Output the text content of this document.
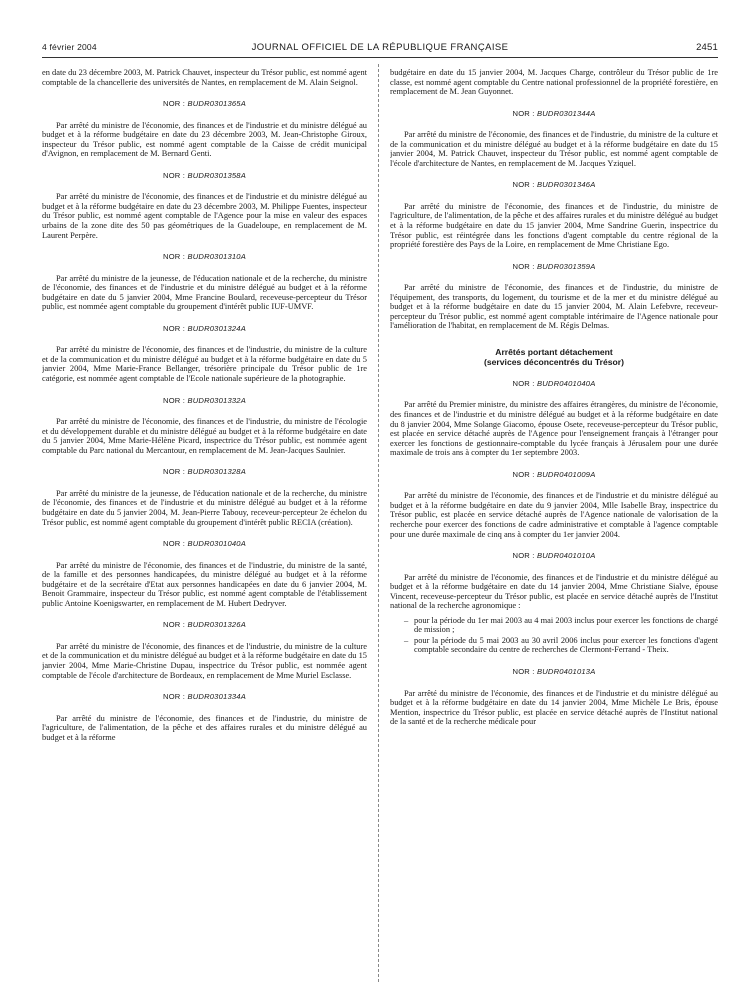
4 février 2004	JOURNAL OFFICIEL DE LA RÉPUBLIQUE FRANÇAISE	2451

en date du 23 décembre 2003, M. Patrick Chauvet, inspecteur du Trésor public, est nommé agent comptable de la chancellerie des universités de Nantes, en remplacement de M. Alain Seignol.

NOR : BUDR0301365A

Par arrêté du ministre de l'économie, des finances et de l'industrie et du ministre délégué au budget et à la réforme budgétaire en date du 23 décembre 2003, M. Jean-Christophe Giroux, inspecteur du Trésor public, est nommé agent comptable de la Caisse de crédit municipal d'Avignon, en remplacement de M. Bernard Genti.

NOR : BUDR0301358A

Par arrêté du ministre de l'économie, des finances et de l'industrie et du ministre délégué au budget et à la réforme budgétaire en date du 23 décembre 2003, M. Philippe Fuentes, inspecteur du Trésor public, est nommé agent comptable de l'Agence pour la mise en valeur des espaces urbains de la zone dite des 50 pas géométriques de la Guadeloupe, en remplacement de M. Laurent Perpère.

NOR : BUDR0301310A

Par arrêté du ministre de la jeunesse, de l'éducation nationale et de la recherche, du ministre de l'économie, des finances et de l'industrie et du ministre délégué au budget et à la réforme budgétaire en date du 5 janvier 2004, Mme Francine Boulard, receveuse-percepteur du Trésor public, est nommée agent comptable du groupement d'intérêt public IUF-UMVF.

NOR : BUDR0301324A

Par arrêté du ministre de l'économie, des finances et de l'industrie, du ministre de la culture et de la communication et du ministre délégué au budget et à la réforme budgétaire en date du 5 janvier 2004, Mme Marie-France Bellanger, trésorière principale du Trésor public de 1re catégorie, est nommée agent comptable de l'Ecole nationale supérieure de la photographie.

NOR : BUDR0301332A

Par arrêté du ministre de l'économie, des finances et de l'industrie, du ministre de l'écologie et du développement durable et du ministre délégué au budget et à la réforme budgétaire en date du 5 janvier 2004, Mme Marie-Hélène Picard, inspectrice du Trésor public, est nommée agent comptable du Parc national du Mercantour, en remplacement de M. Jean-Jacques Saulnier.

NOR : BUDR0301328A

Par arrêté du ministre de la jeunesse, de l'éducation nationale et de la recherche, du ministre de l'économie, des finances et de l'industrie et du ministre délégué au budget et à la réforme budgétaire en date du 5 janvier 2004, M. Jean-Pierre Tabouy, receveur-percepteur 2e échelon du Trésor public, est nommé agent comptable du groupement d'intérêt public RECIA (création).

NOR : BUDR0301040A

Par arrêté du ministre de l'économie, des finances et de l'industrie, du ministre de la santé, de la famille et des personnes handicapées, du ministre délégué au budget et à la réforme budgétaire et de la secrétaire d'Etat aux personnes handicapées en date du 6 janvier 2004, M. Benoit Grammaire, inspecteur du Trésor public, est nommé agent comptable de l'établissement public Antoine Koenigswarter, en remplacement de M. Hubert Dedryver.

NOR : BUDR0301326A

Par arrêté du ministre de l'économie, des finances et de l'industrie, du ministre de la culture et de la communication et du ministre délégué au budget et à la réforme budgétaire en date du 15 janvier 2004, Mme Marie-Christine Dupau, inspectrice du Trésor public, est nommée agent comptable de l'école d'architecture de Bordeaux, en remplacement de Mme Muriel Esclasse.

NOR : BUDR0301334A

Par arrêté du ministre de l'économie, des finances et de l'industrie, du ministre de l'agriculture, de l'alimentation, de la pêche et des affaires rurales et du ministre délégué au budget et à la réforme

budgétaire en date du 15 janvier 2004, M. Jacques Charge, contrôleur du Trésor public de 1re classe, est nommé agent comptable du Centre national professionnel de la propriété forestière, en remplacement de M. Jean Guyonnet.

NOR : BUDR0301344A

Par arrêté du ministre de l'économie, des finances et de l'industrie, du ministre de la culture et de la communication et du ministre délégué au budget et à la réforme budgétaire en date du 15 janvier 2004, M. Patrick Chauvet, inspecteur du Trésor public, est nommé agent comptable de l'école d'architecture de Nantes, en remplacement de M. Jacques Yziquel.

NOR : BUDR0301346A

Par arrêté du ministre de l'économie, des finances et de l'industrie, du ministre de l'agriculture, de l'alimentation, de la pêche et des affaires rurales et du ministre délégué au budget et à la réforme budgétaire en date du 15 janvier 2004, Mme Sandrine Guerin, inspectrice du Trésor public, est réintégrée dans les fonctions d'agent comptable du centre régional de la propriété forestière des Pays de la Loire, en remplacement de Mme Christiane Ego.

NOR : BUDR0301359A

Par arrêté du ministre de l'économie, des finances et de l'industrie, du ministre de l'équipement, des transports, du logement, du tourisme et de la mer et du ministre délégué au budget et à la réforme budgétaire en date du 15 janvier 2004, M. Alain Lefebvre, receveur-percepteur du Trésor public, est nommé agent comptable intérimaire de l'Agence nationale pour l'amélioration de l'habitat, en remplacement de M. Régis Delmas.

Arrêtés portant détachement
(services déconcentrés du Trésor)
NOR : BUDR0401040A

Par arrêté du Premier ministre, du ministre des affaires étrangères, du ministre de l'économie, des finances et de l'industrie et du ministre délégué au budget et à la réforme budgétaire en date du 8 janvier 2004, Mme Solange Giacomo, épouse Osete, receveuse-percepteur du Trésor public, est placée en service détaché auprès de l'Agence pour l'enseignement français à l'étranger pour exercer les fonctions de gestionnaire-comptable du lycée français à Jérusalem pour une durée maximale de trois ans à compter du 1er septembre 2003.

NOR : BUDR0401009A

Par arrêté du ministre de l'économie, des finances et de l'industrie et du ministre délégué au budget et à la réforme budgétaire en date du 9 janvier 2004, Mlle Isabelle Bray, inspectrice du Trésor public, est placée en service détaché auprès de l'Agence nationale de valorisation de la recherche pour exercer des fonctions de cadre administrative et comptable à l'agence comptable pour une durée maximale de cinq ans à compter du 1er janvier 2004.

NOR : BUDR0401010A

Par arrêté du ministre de l'économie, des finances et de l'industrie et du ministre délégué au budget et à la réforme budgétaire en date du 14 janvier 2004, Mme Christiane Sialve, épouse Vincent, receveuse-percepteur du Trésor public, est placée en service détaché auprès de l'Institut national de la recherche agronomique :

– pour la période du 1er mai 2003 au 4 mai 2003 inclus pour exercer les fonctions de chargé de mission ;
– pour la période du 5 mai 2003 au 30 avril 2006 inclus pour exercer les fonctions d'agent comptable secondaire du centre de recherches de Clermont-Ferrand - Theix.
NOR : BUDR0401013A

Par arrêté du ministre de l'économie, des finances et de l'industrie et du ministre délégué au budget et à la réforme budgétaire en date du 14 janvier 2004, Mme Michèle Le Bris, épouse Mention, inspectrice du Trésor public, est placée en service détaché auprès de l'Institut national de la santé et de la recherche médicale pour
